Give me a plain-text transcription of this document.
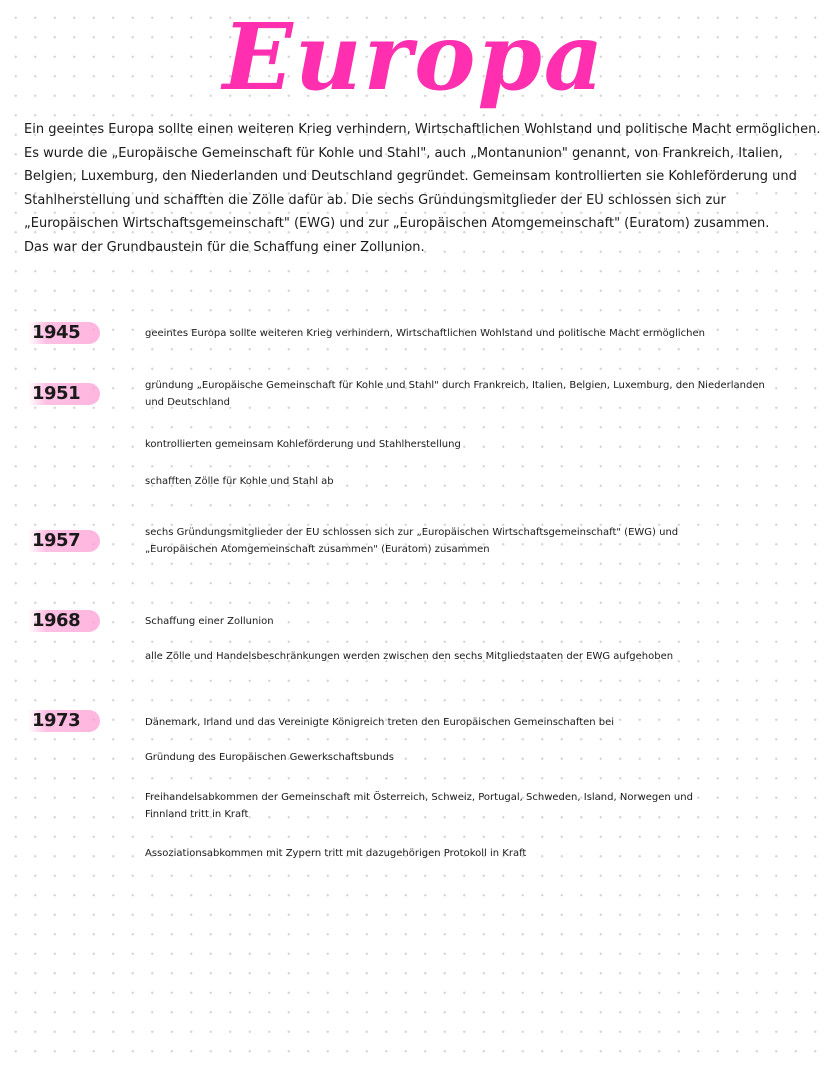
Europa
Ein geeintes Europa sollte einen weiteren Krieg verhindern, Wirtschaftlichen Wohlstand und politische Macht ermöglichen.
Es wurde die „Europäische Gemeinschaft für Kohle und Stahl", auch „Montanunion" genannt, von Frankreich, Italien,
Belgien, Luxemburg, den Niederlanden und Deutschland gegründet. Gemeinsam kontrollierten sie Kohleförderung und
Stahlherstellung und schafften die Zölle dafür ab. Die sechs Gründungsmitglieder der EU schlossen sich zur
„Europäischen Wirtschaftsgemeinschaft" (EWG) und zur „Europäischen Atomgemeinschaft" (Euratom) zusammen.
Das war der Grundbaustein für die Schaffung einer Zollunion.
1945	geeintes Europa sollte weiteren Krieg verhindern, Wirtschaftlichen Wohlstand und politische Macht ermöglichen
1951	gründung „Europäische Gemeinschaft für Kohle und Stahl" durch Frankreich, Italien, Belgien, Luxemburg, den Niederlanden
und Deutschland
kontrollierten gemeinsam Kohleförderung und Stahlherstellung
schafften Zölle für Kohle und Stahl ab
1957	sechs Gründungsmitglieder der EU schlossen sich zur „Europäischen Wirtschaftsgemeinschaft" (EWG) und
„Europäischen Atomgemeinschaft zusammen" (Euratom) zusammen
1968	Schaffung einer Zollunion
alle Zölle und Handelsbeschränkungen werden zwischen den sechs Mitgliedstaaten der EWG aufgehoben
1973	Dänemark, Irland und das Vereinigte Königreich treten den Europäischen Gemeinschaften bei
Gründung des Europäischen Gewerkschaftsbunds
Freihandelsabkommen der Gemeinschaft mit Österreich, Schweiz, Portugal, Schweden, Island, Norwegen und
Finnland tritt in Kraft
Assoziationsabkommen mit Zypern tritt mit dazugehörigen Protokoll in Kraft
